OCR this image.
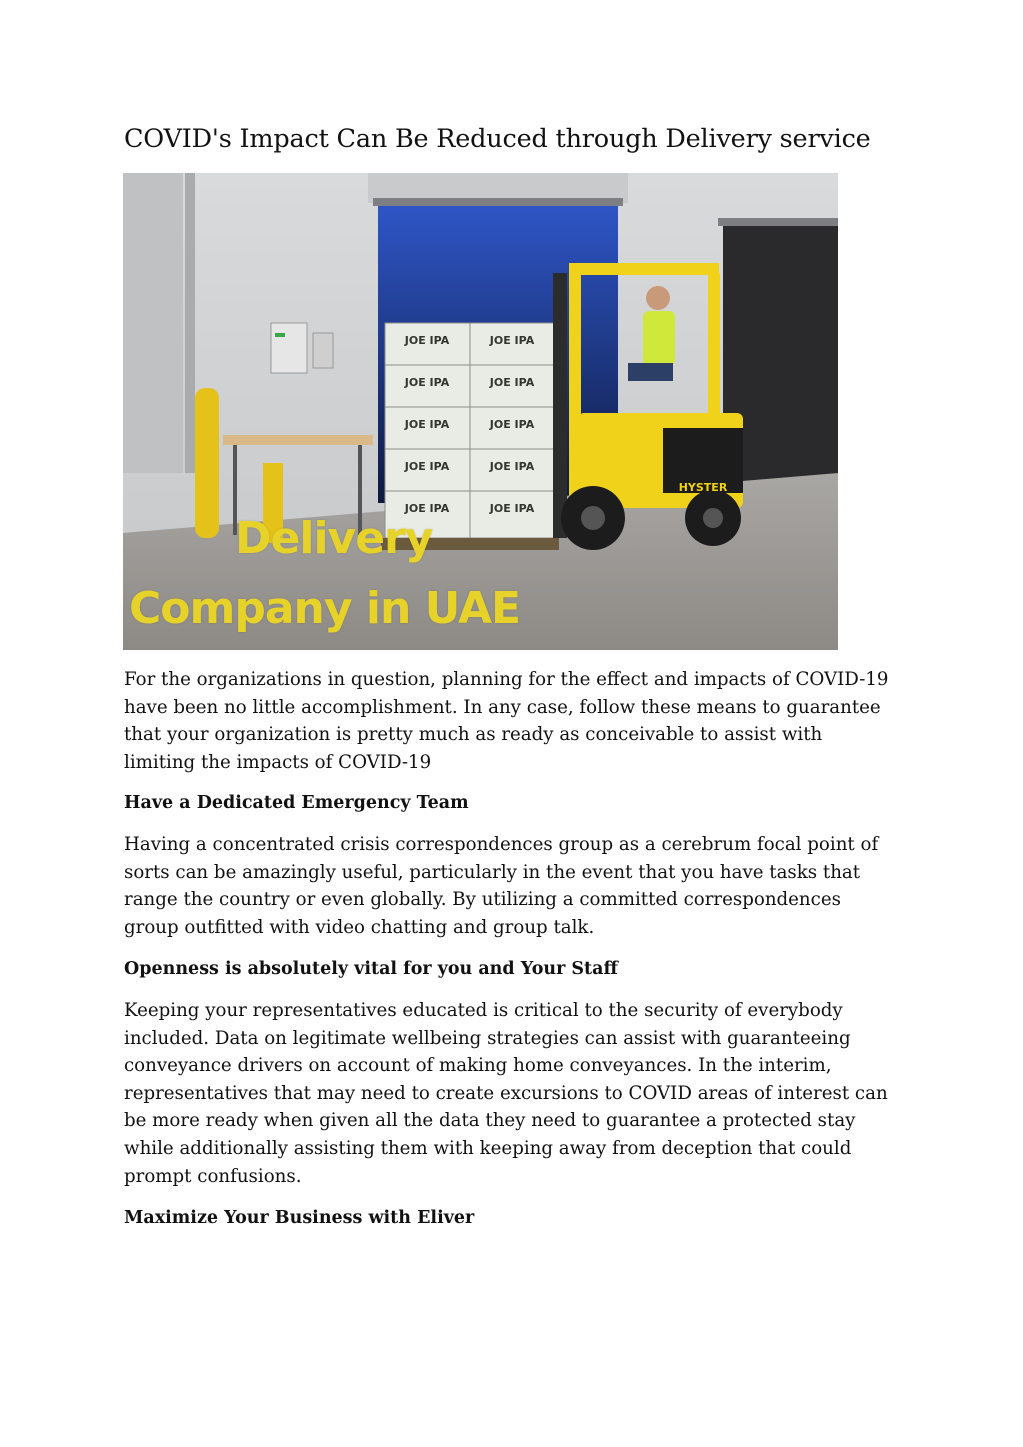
COVID's Impact Can Be Reduced through Delivery service
JOE IPA	JOE IPA
JOE IPA	JOE IPA
JOE IPA	JOE IPA
JOE IPA	JOE IPA
JOE IPA	JOE IPA
HYSTER
Delivery
Company in UAE

For the organizations in question, planning for the effect and impacts of COVID-19 have been no little accomplishment. In any case, follow these means to guarantee that your organization is pretty much as ready as conceivable to assist with limiting the impacts of COVID-19

Have a Dedicated Emergency Team

Having a concentrated crisis correspondences group as a cerebrum focal point of sorts can be amazingly useful, particularly in the event that you have tasks that range the country or even globally. By utilizing a committed correspondences group outfitted with video chatting and group talk.

Openness is absolutely vital for you and Your Staff

Keeping your representatives educated is critical to the security of everybody included. Data on legitimate wellbeing strategies can assist with guaranteeing conveyance drivers on account of making home conveyances. In the interim, representatives that may need to create excursions to COVID areas of interest can be more ready when given all the data they need to guarantee a protected stay while additionally assisting them with keeping away from deception that could prompt confusions.

Maximize Your Business with Eliver
